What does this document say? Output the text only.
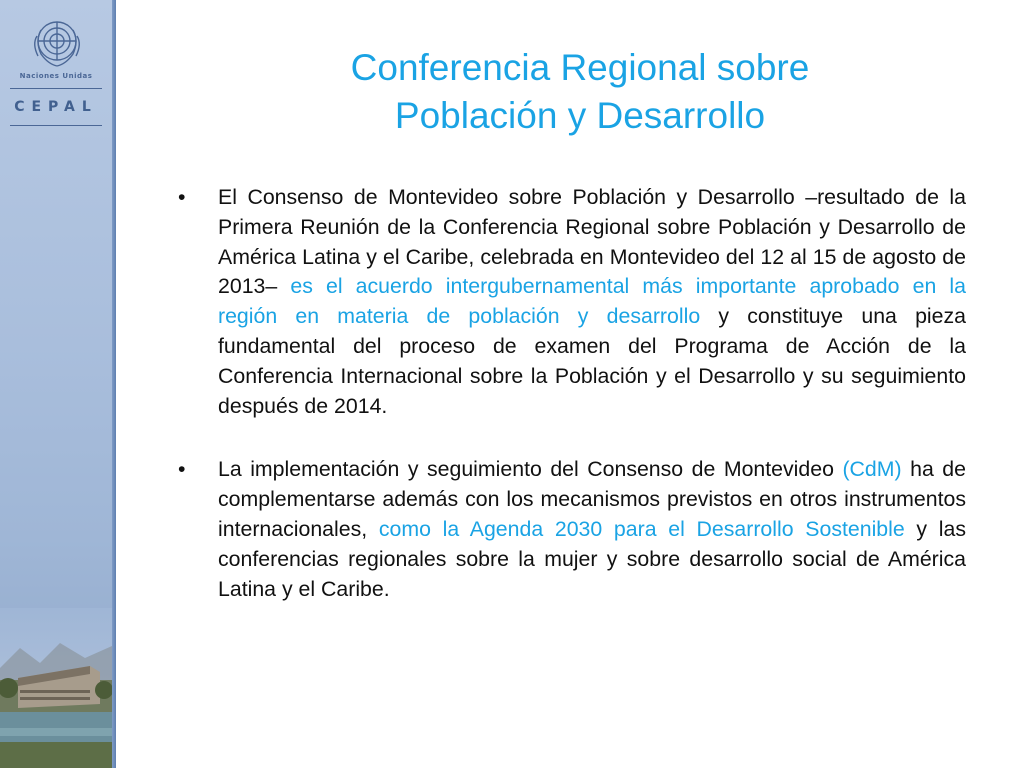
Naciones Unidas
CEPAL
Conferencia Regional sobre
Población y Desarrollo
• El Consenso de Montevideo sobre Población y Desarrollo –resultado de la Primera Reunión de la Conferencia Regional sobre Población y Desarrollo de América Latina y el Caribe, celebrada en Montevideo del 12 al 15 de agosto de 2013– es el acuerdo intergubernamental más importante aprobado en la región en materia de población y desarrollo y constituye una pieza fundamental del proceso de examen del Programa de Acción de la Conferencia Internacional sobre la Población y el Desarrollo y su seguimiento después de 2014.
• La implementación y seguimiento del Consenso de Montevideo (CdM) ha de complementarse además con los mecanismos previstos en otros instrumentos internacionales, como la Agenda 2030 para el Desarrollo Sostenible y las conferencias regionales sobre la mujer y sobre desarrollo social de América Latina y el Caribe.
